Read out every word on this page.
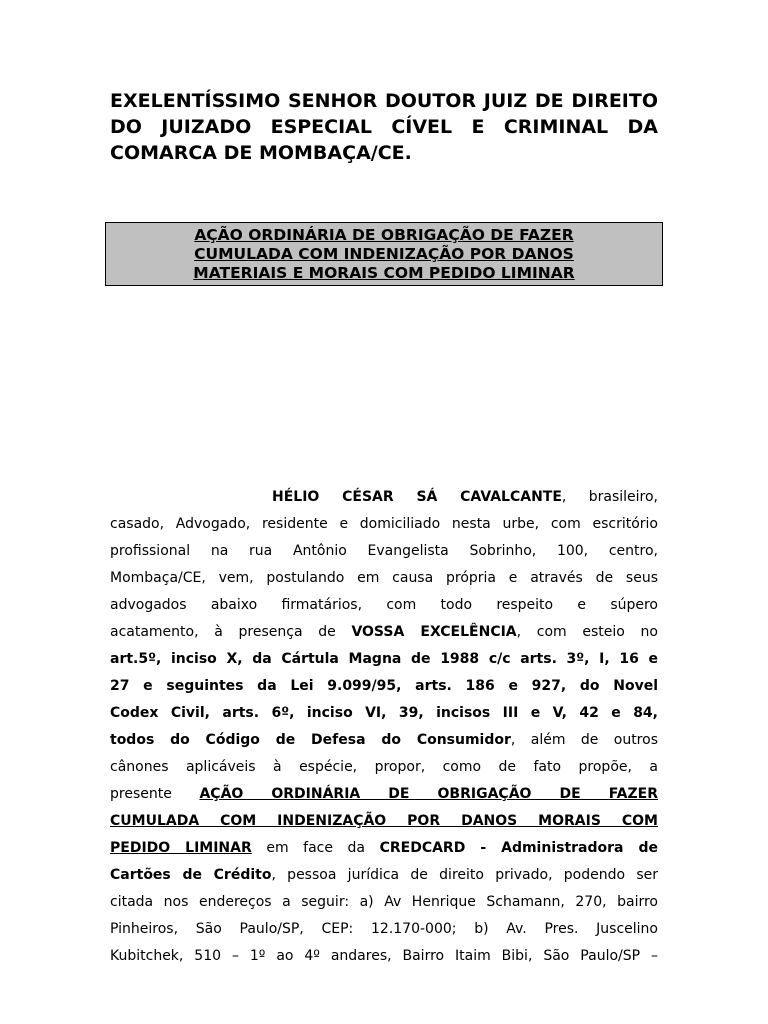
EXELENTÍSSIMO SENHOR DOUTOR JUIZ DE DIREITO DO JUIZADO ESPECIAL CÍVEL E CRIMINAL DA COMARCA DE MOMBAÇA/CE.

AÇÃO ORDINÁRIA DE OBRIGAÇÃO DE FAZER
CUMULADA COM INDENIZAÇÃO POR DANOS
MATERIAIS E MORAIS COM PEDIDO LIMINAR
HÉLIO CÉSAR SÁ CAVALCANTE, brasileiro,
casado, Advogado, residente e domiciliado nesta urbe, com escritório
profissional na rua Antônio Evangelista Sobrinho, 100, centro,
Mombaça/CE, vem, postulando em causa própria e através de seus
advogados abaixo firmatários, com todo respeito e súpero
acatamento, à presença de VOSSA EXCELÊNCIA, com esteio no
art.5º, inciso X, da Cártula Magna de 1988 c/c arts. 3º, I, 16 e
27 e seguintes da Lei 9.099/95, arts. 186 e 927, do Novel
Codex Civil, arts. 6º, inciso VI, 39, incisos III e V, 42 e 84,
todos do Código de Defesa do Consumidor, além de outros
cânones aplicáveis à espécie, propor, como de fato propõe, a
presente AÇÃO ORDINÁRIA DE OBRIGAÇÃO DE FAZER
CUMULADA COM INDENIZAÇÃO POR DANOS MORAIS COM
PEDIDO LIMINAR em face da CREDCARD - Administradora de
Cartões de Crédito, pessoa jurídica de direito privado, podendo ser
citada nos endereços a seguir: a) Av Henrique Schamann, 270, bairro
Pinheiros, São Paulo/SP, CEP: 12.170-000; b) Av. Pres. Juscelino
Kubitchek, 510 – 1º ao 4º andares, Bairro Itaim Bibi, São Paulo/SP –
